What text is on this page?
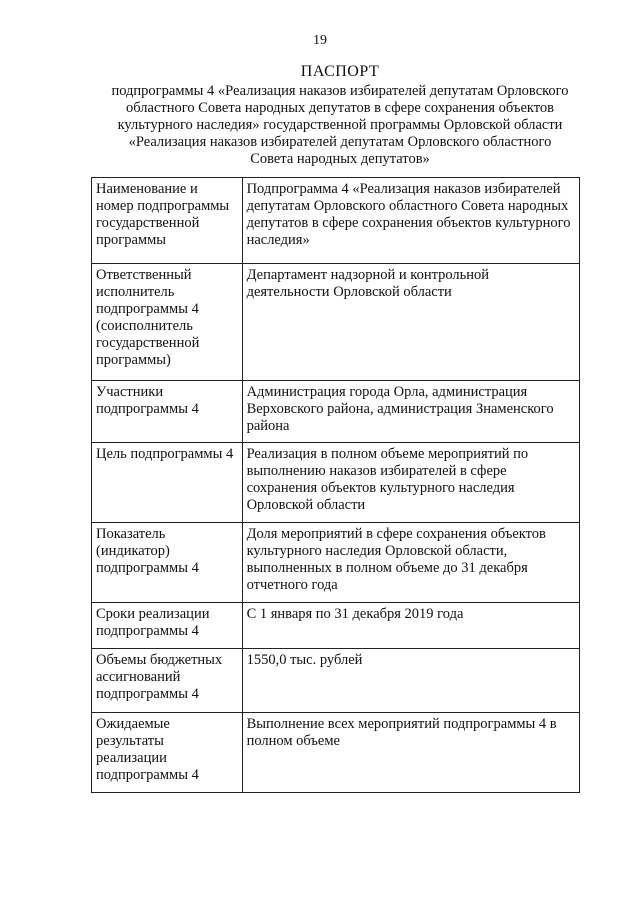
19
ПАСПОРТ
подпрограммы 4 «Реализация наказов избирателей депутатам Орловского
областного Совета народных депутатов в сфере сохранения объектов
культурного наследия» государственной программы Орловской области
«Реализация наказов избирателей депутатам Орловского областного
Совета народных депутатов»
Наименование и номер подпрограммы государственной программы	Подпрограмма 4 «Реализация наказов избирателей депутатам Орловского областного Совета народных депутатов в сфере сохранения объектов культурного наследия»
Ответственный исполнитель подпрограммы 4 (соисполнитель государственной программы)	Департамент надзорной и контрольной деятельности Орловской области
Участники подпрограммы 4	Администрация города Орла, администрация Верховского района, администрация Знаменского района
Цель подпрограммы 4	Реализация в полном объеме мероприятий по выполнению наказов избирателей в сфере сохранения объектов культурного наследия Орловской области
Показатель (индикатор) подпрограммы 4	Доля мероприятий в сфере сохранения объектов культурного наследия Орловской области, выполненных в полном объеме до 31 декабря отчетного года
Сроки реализации подпрограммы 4	С 1 января по 31 декабря 2019 года
Объемы бюджетных ассигнований подпрограммы 4	1550,0 тыс. рублей
Ожидаемые результаты реализации подпрограммы 4	Выполнение всех мероприятий подпрограммы 4 в полном объеме
